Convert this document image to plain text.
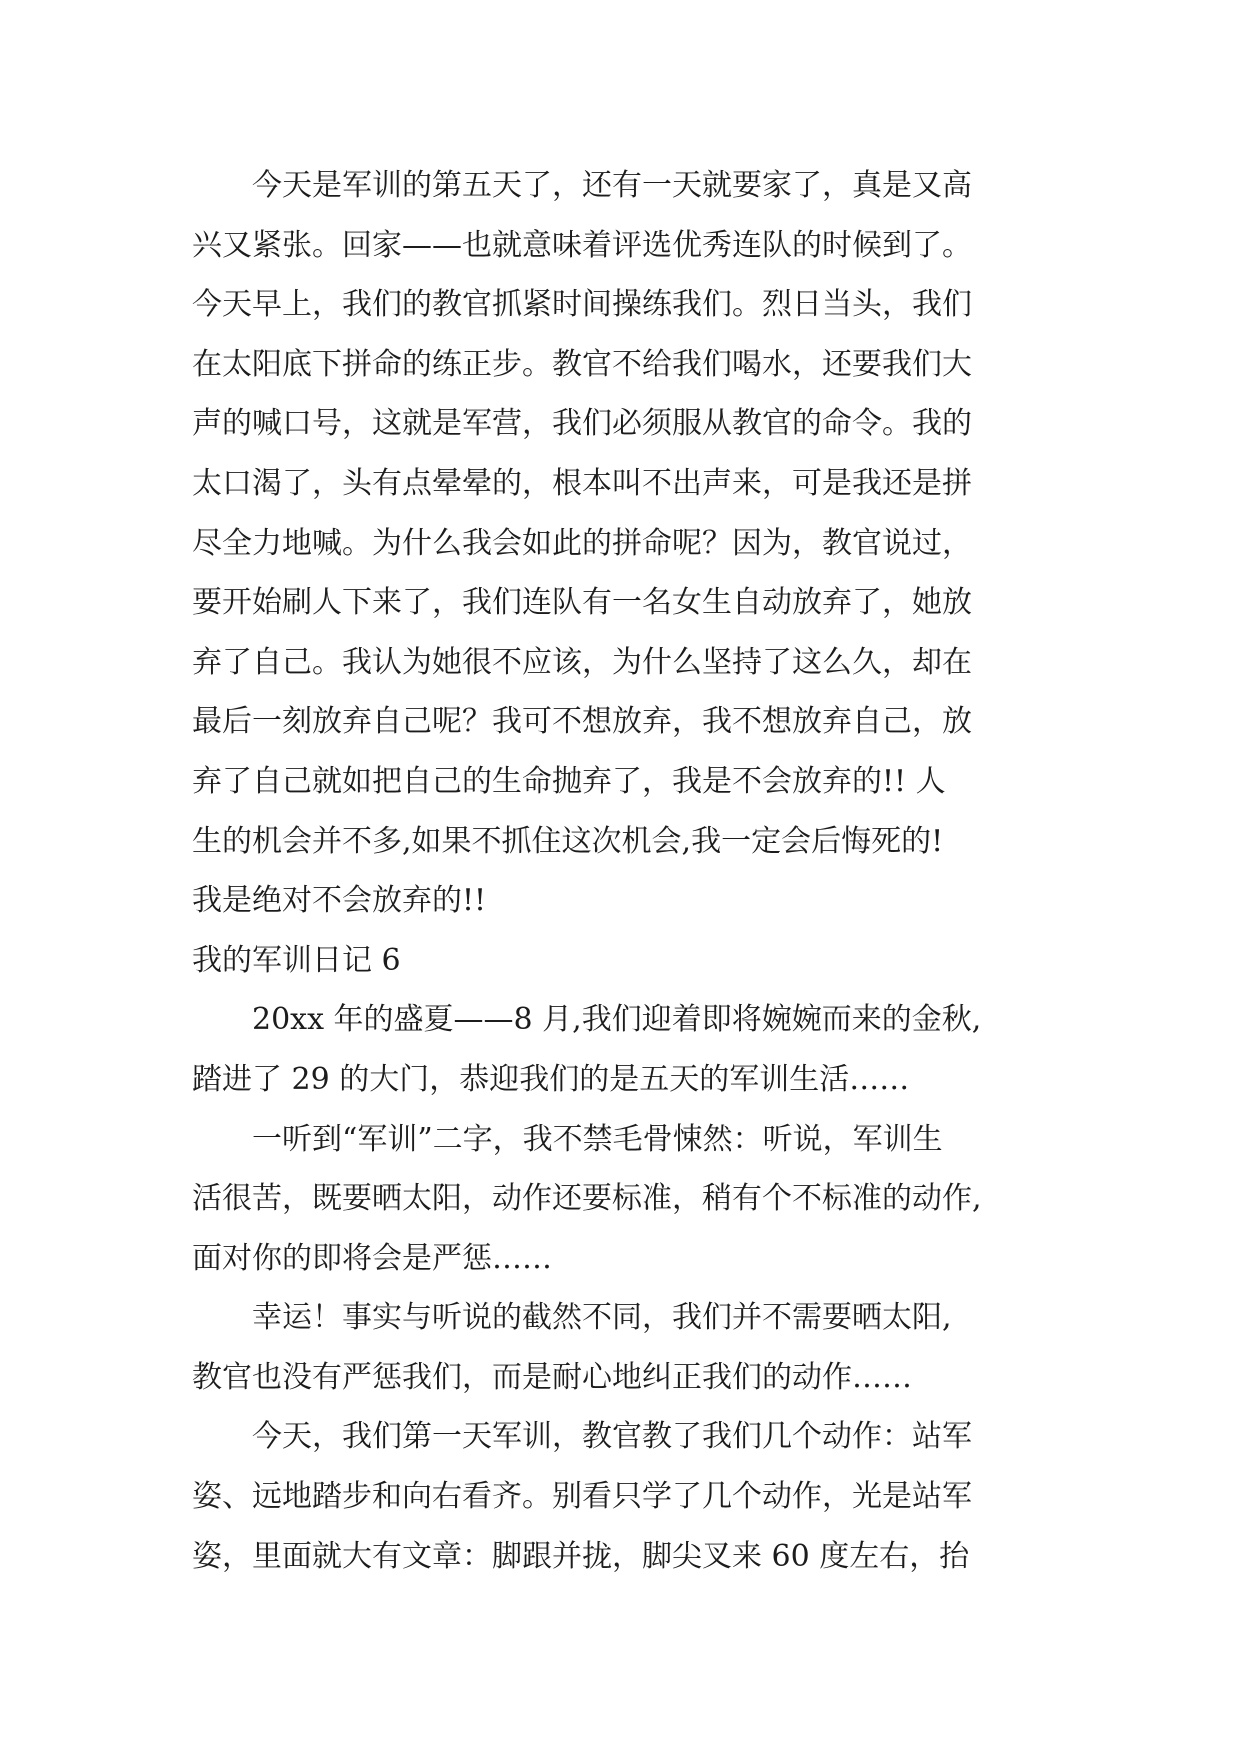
今天是军训的第五天了，还有一天就要家了，真是又高
兴又紧张。回家——也就意味着评选优秀连队的时候到了。
今天早上，我们的教官抓紧时间操练我们。烈日当头，我们
在太阳底下拼命的练正步。教官不给我们喝水，还要我们大
声的喊口号，这就是军营，我们必须服从教官的命令。我的
太口渴了，头有点晕晕的，根本叫不出声来，可是我还是拼
尽全力地喊。为什么我会如此的拼命呢？因为，教官说过，
要开始刷人下来了，我们连队有一名女生自动放弃了，她放
弃了自己。我认为她很不应该，为什么坚持了这么久，却在
最后一刻放弃自己呢？我可不想放弃，我不想放弃自己，放
弃了自己就如把自己的生命抛弃了，我是不会放弃的!! 人
生的机会并不多,如果不抓住这次机会,我一定会后悔死的!
我是绝对不会放弃的!!
我的军训日记 6
20xx 年的盛夏——8 月,我们迎着即将婉婉而来的金秋,
踏进了 29 的大门，恭迎我们的是五天的军训生活……
一听到“军训”二字，我不禁毛骨悚然：听说，军训生
活很苦，既要晒太阳，动作还要标准，稍有个不标准的动作,
面对你的即将会是严惩……
幸运！事实与听说的截然不同，我们并不需要晒太阳,
教官也没有严惩我们，而是耐心地纠正我们的动作……
今天，我们第一天军训，教官教了我们几个动作：站军
姿、远地踏步和向右看齐。别看只学了几个动作，光是站军
姿，里面就大有文章：脚跟并拢，脚尖叉来 60 度左右，抬
